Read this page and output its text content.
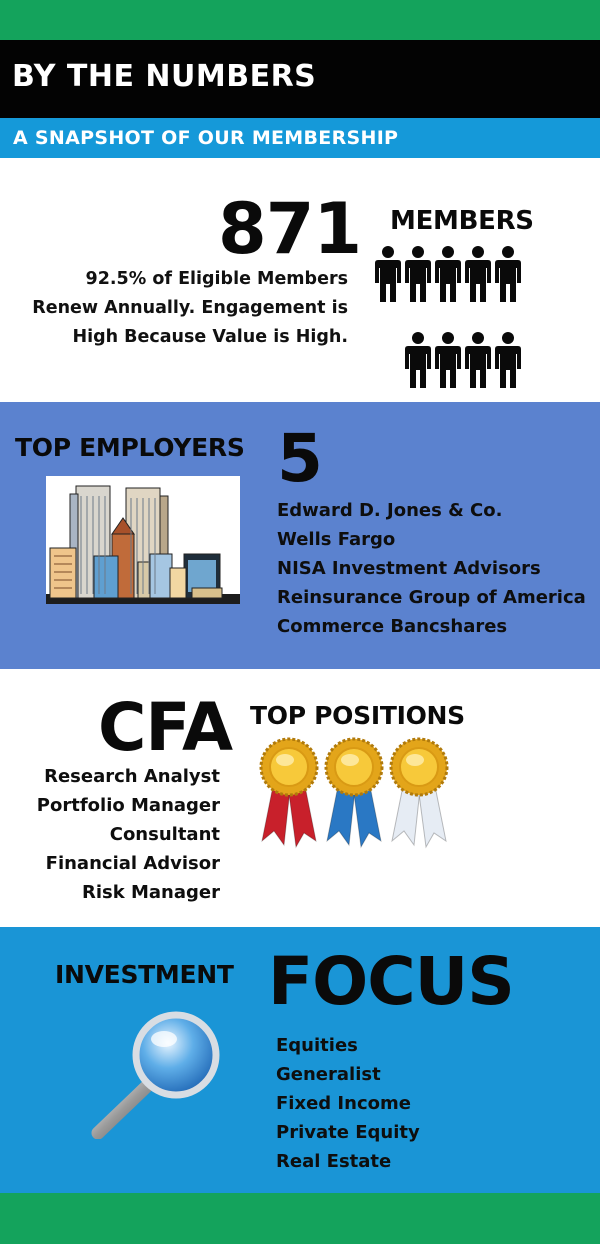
BY THE NUMBERS
A SNAPSHOT OF OUR MEMBERSHIP
871 MEMBERS
92.5% of Eligible Members
Renew Annually. Engagement is
High Because Value is High.
TOP EMPLOYERS 5
Edward D. Jones & Co.
Wells Fargo
NISA Investment Advisors
Reinsurance Group of America
Commerce Bancshares
CFA TOP POSITIONS
Research Analyst
Portfolio Manager
Consultant
Financial Advisor
Risk Manager
INVESTMENT FOCUS
Equities
Generalist
Fixed Income
Private Equity
Real Estate
